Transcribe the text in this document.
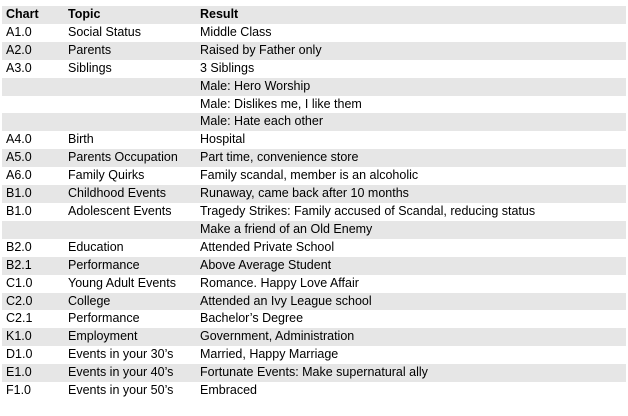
Chart	Topic	Result
A1.0	Social Status	Middle Class
A2.0	Parents	Raised by Father only
A3.0	Siblings	3 Siblings
		Male: Hero Worship
		Male: Dislikes me, I like them
		Male: Hate each other
A4.0	Birth	Hospital
A5.0	Parents Occupation	Part time, convenience store
A6.0	Family Quirks	Family scandal, member is an alcoholic
B1.0	Childhood Events	Runaway, came back after 10 months
B1.0	Adolescent Events	Tragedy Strikes: Family accused of Scandal, reducing status
		Make a friend of an Old Enemy
B2.0	Education	Attended Private School
B2.1	Performance	Above Average Student
C1.0	Young Adult Events	Romance. Happy Love Affair
C2.0	College	Attended an Ivy League school
C2.1	Performance	Bachelor’s Degree
K1.0	Employment	Government, Administration
D1.0	Events in your 30’s	Married, Happy Marriage
E1.0	Events in your 40’s	Fortunate Events: Make supernatural ally
F1.0	Events in your 50’s	Embraced
